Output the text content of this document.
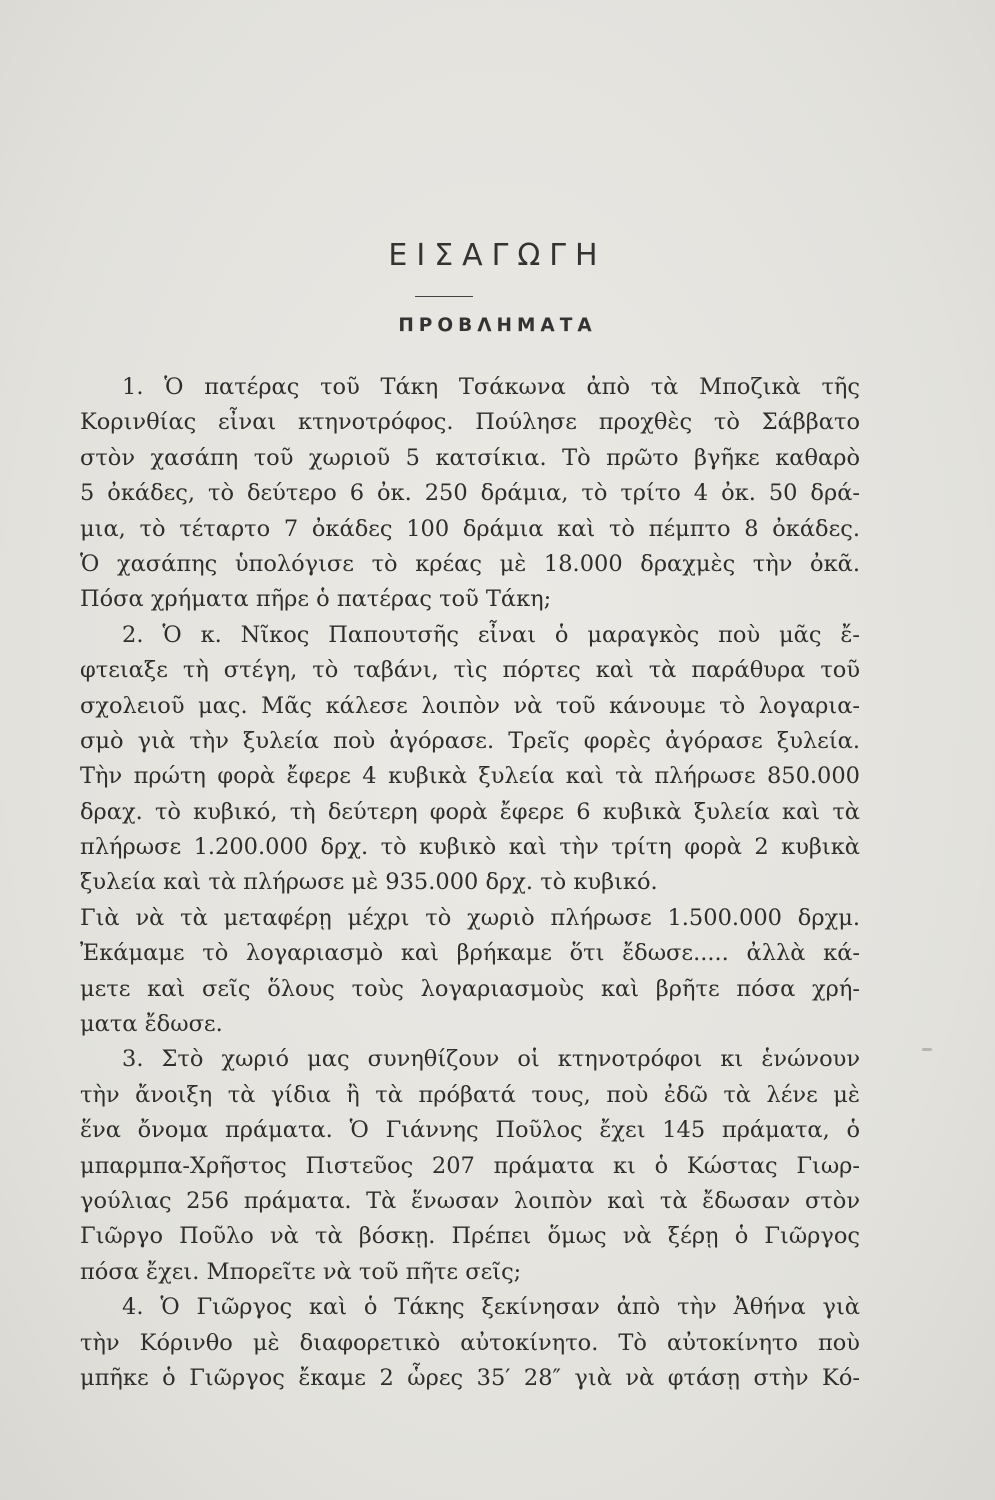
ΕΙΣΑΓΩΓΗ
ΠΡΟΒΛΗΜΑΤΑ
1. Ὁ πατέρας τοῦ Τάκη Τσάκωνα ἀπὸ τὰ Μποζικὰ τῆς
Κορινθίας εἶναι κτηνοτρόφος. Πούλησε προχθὲς τὸ Σάββατο
στὸν χασάπη τοῦ χωριοῦ 5 κατσίκια. Τὸ πρῶτο βγῆκε καθαρὸ
5 ὀκάδες, τὸ δεύτερο 6 ὀκ. 250 δράμια, τὸ τρίτο 4 ὀκ. 50 δρά-
μια, τὸ τέταρτο 7 ὀκάδες 100 δράμια καὶ τὸ πέμπτο 8 ὀκάδες.
Ὁ χασάπης ὑπολόγισε τὸ κρέας μὲ 18.000 δραχμὲς τὴν ὀκᾶ.
Πόσα χρήματα πῆρε ὁ πατέρας τοῦ Τάκη;
2. Ὁ κ. Νῖκος Παπουτσῆς εἶναι ὁ μαραγκὸς ποὺ μᾶς ἔ-
φτειαξε τὴ στέγη, τὸ ταβάνι, τὶς πόρτες καὶ τὰ παράθυρα τοῦ
σχολειοῦ μας. Μᾶς κάλεσε λοιπὸν νὰ τοῦ κάνουμε τὸ λογαρια-
σμὸ γιὰ τὴν ξυλεία ποὺ ἀγόρασε. Τρεῖς φορὲς ἀγόρασε ξυλεία.
Τὴν πρώτη φορὰ ἔφερε 4 κυβικὰ ξυλεία καὶ τὰ πλήρωσε 850.000
δραχ. τὸ κυβικό, τὴ δεύτερη φορὰ ἔφερε 6 κυβικὰ ξυλεία καὶ τὰ
πλήρωσε 1.200.000 δρχ. τὸ κυβικὸ καὶ τὴν τρίτη φορὰ 2 κυβικὰ
ξυλεία καὶ τὰ πλήρωσε μὲ 935.000 δρχ. τὸ κυβικό.
Γιὰ νὰ τὰ μεταφέρῃ μέχρι τὸ χωριὸ πλήρωσε 1.500.000 δρχμ.
Ἐκάμαμε τὸ λογαριασμὸ καὶ βρήκαμε ὅτι ἔδωσε..... ἀλλὰ κά-
μετε καὶ σεῖς ὅλους τοὺς λογαριασμοὺς καὶ βρῆτε πόσα χρή-
ματα ἔδωσε.
3. Στὸ χωριό μας συνηθίζουν οἱ κτηνοτρόφοι κι ἑνώνουν
τὴν ἄνοιξη τὰ γίδια ἢ τὰ πρόβατά τους, ποὺ ἐδῶ τὰ λένε μὲ
ἕνα ὄνομα πράματα. Ὁ Γιάννης Ποῦλος ἔχει 145 πράματα, ὁ
μπαρμπα-Χρῆστος Πιστεῦος 207 πράματα κι ὁ Κώστας Γιωρ-
γούλιας 256 πράματα. Τὰ ἕνωσαν λοιπὸν καὶ τὰ ἔδωσαν στὸν
Γιῶργο Ποῦλο νὰ τὰ βόσκῃ. Πρέπει ὅμως νὰ ξέρῃ ὁ Γιῶργος
πόσα ἔχει. Μπορεῖτε νὰ τοῦ πῆτε σεῖς;
4. Ὁ Γιῶργος καὶ ὁ Τάκης ξεκίνησαν ἀπὸ τὴν Ἀθήνα γιὰ
τὴν Κόρινθο μὲ διαφορετικὸ αὐτοκίνητο. Τὸ αὐτοκίνητο ποὺ
μπῆκε ὁ Γιῶργος ἔκαμε 2 ὧρες 35′ 28″ γιὰ νὰ φτάσῃ στὴν Κό-
